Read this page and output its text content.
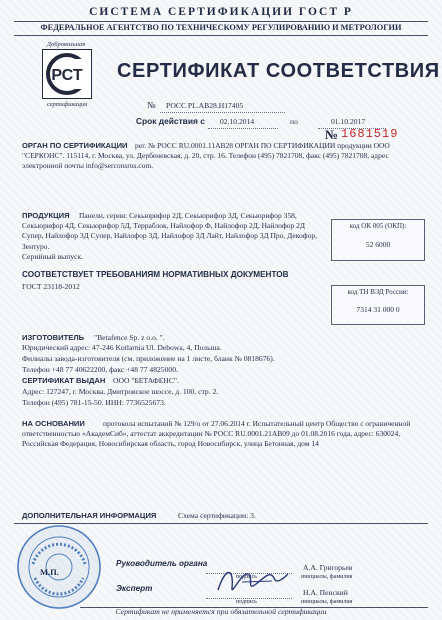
СИСТЕМА СЕРТИФИКАЦИИ ГОСТ Р
ФЕДЕРАЛЬНОЕ АГЕНТСТВО ПО ТЕХНИЧЕСКОМУ РЕГУЛИРОВАНИЮ И МЕТРОЛОГИИ
Добровольная
РСТ
сертификация
СЕРТИФИКАТ СООТВЕТСТВИЯ
№ РОСС PL.АВ28.Н17405
Срок действия с 02.10.2014	по	01.10.2017
№ 1681519
ОРГАН ПО СЕРТИФИКАЦИИ	рег. № РОСС RU.0001.11АВ28 ОРГАН ПО СЕРТИФИКАЦИИ продукции ООО "СЕРКОНС". 115114, г. Москва, ул. Дербеневская, д. 20, стр. 16. Телефон (495) 7821708, факс (495) 7821708, адрес электронной почты info@serconsrus.com.
ПРОДУКЦИЯ	Панели, серии: Секьюрифор 2Д, Секьюрифор 3Д, Секьюрифор 358, Секьюрифор 4Д, Секьюрифор 5Д, Терраблок, Найлофор Ф, Найлофор 2Д, Найлофор 2Д Супер, Найлофор 3Д Супер, Найлофор 3Д, Найлофор 3Д Лайт, Найлофор 3Д Про, Декофор, Зентуро.
Серийный выпуск.
код ОК 005 (ОКП):
52 6000
СООТВЕТСТВУЕТ ТРЕБОВАНИЯМ НОРМАТИВНЫХ ДОКУМЕНТОВ
ГОСТ 23118-2012
код ТН ВЭД России:
7314 31 000 0
ИЗГОТОВИТЕЛЬ "Betafence Sp. z o.o. ".
Юридический адрес: 47-246 Kotlarnia Ul. Debowa, 4, Польша.
Филиалы завода-изготовителя (см. приложение на 1 листе, бланк № 0818676).
Телефон +48 77 40622200, факс +48 77 4825000.
СЕРТИФИКАТ ВЫДАН ООО "БЕТАФЕНС".
Адрес: 127247, г. Москва, Дмитровское шоссе, д. 100, стр. 2.
Телефон (495) 781-15-50. ИНН: 7736525673.
НА ОСНОВАНИИ	протокола испытаний № 129/о от 27.06.2014 г. Испытательный центр Общество с ограниченной ответственностью «АкадемСиб», аттестат аккредитации № РОСС RU.0001.21АВ09 до 01.08.2016 года, адрес: 630024, Российская Федерация, Новосибирская область, город Новосибирск, улица Бетонная, дом 14
ДОПОЛНИТЕЛЬНАЯ ИНФОРМАЦИЯ	Схема сертификации: 3.
М.П.
Руководитель органа
подпись
А.А. Григорьев
инициалы, фамилия
Эксперт
подпись
Н.А. Пенский
инициалы, фамилия
Сертификат не применяется при обязательной сертификации
